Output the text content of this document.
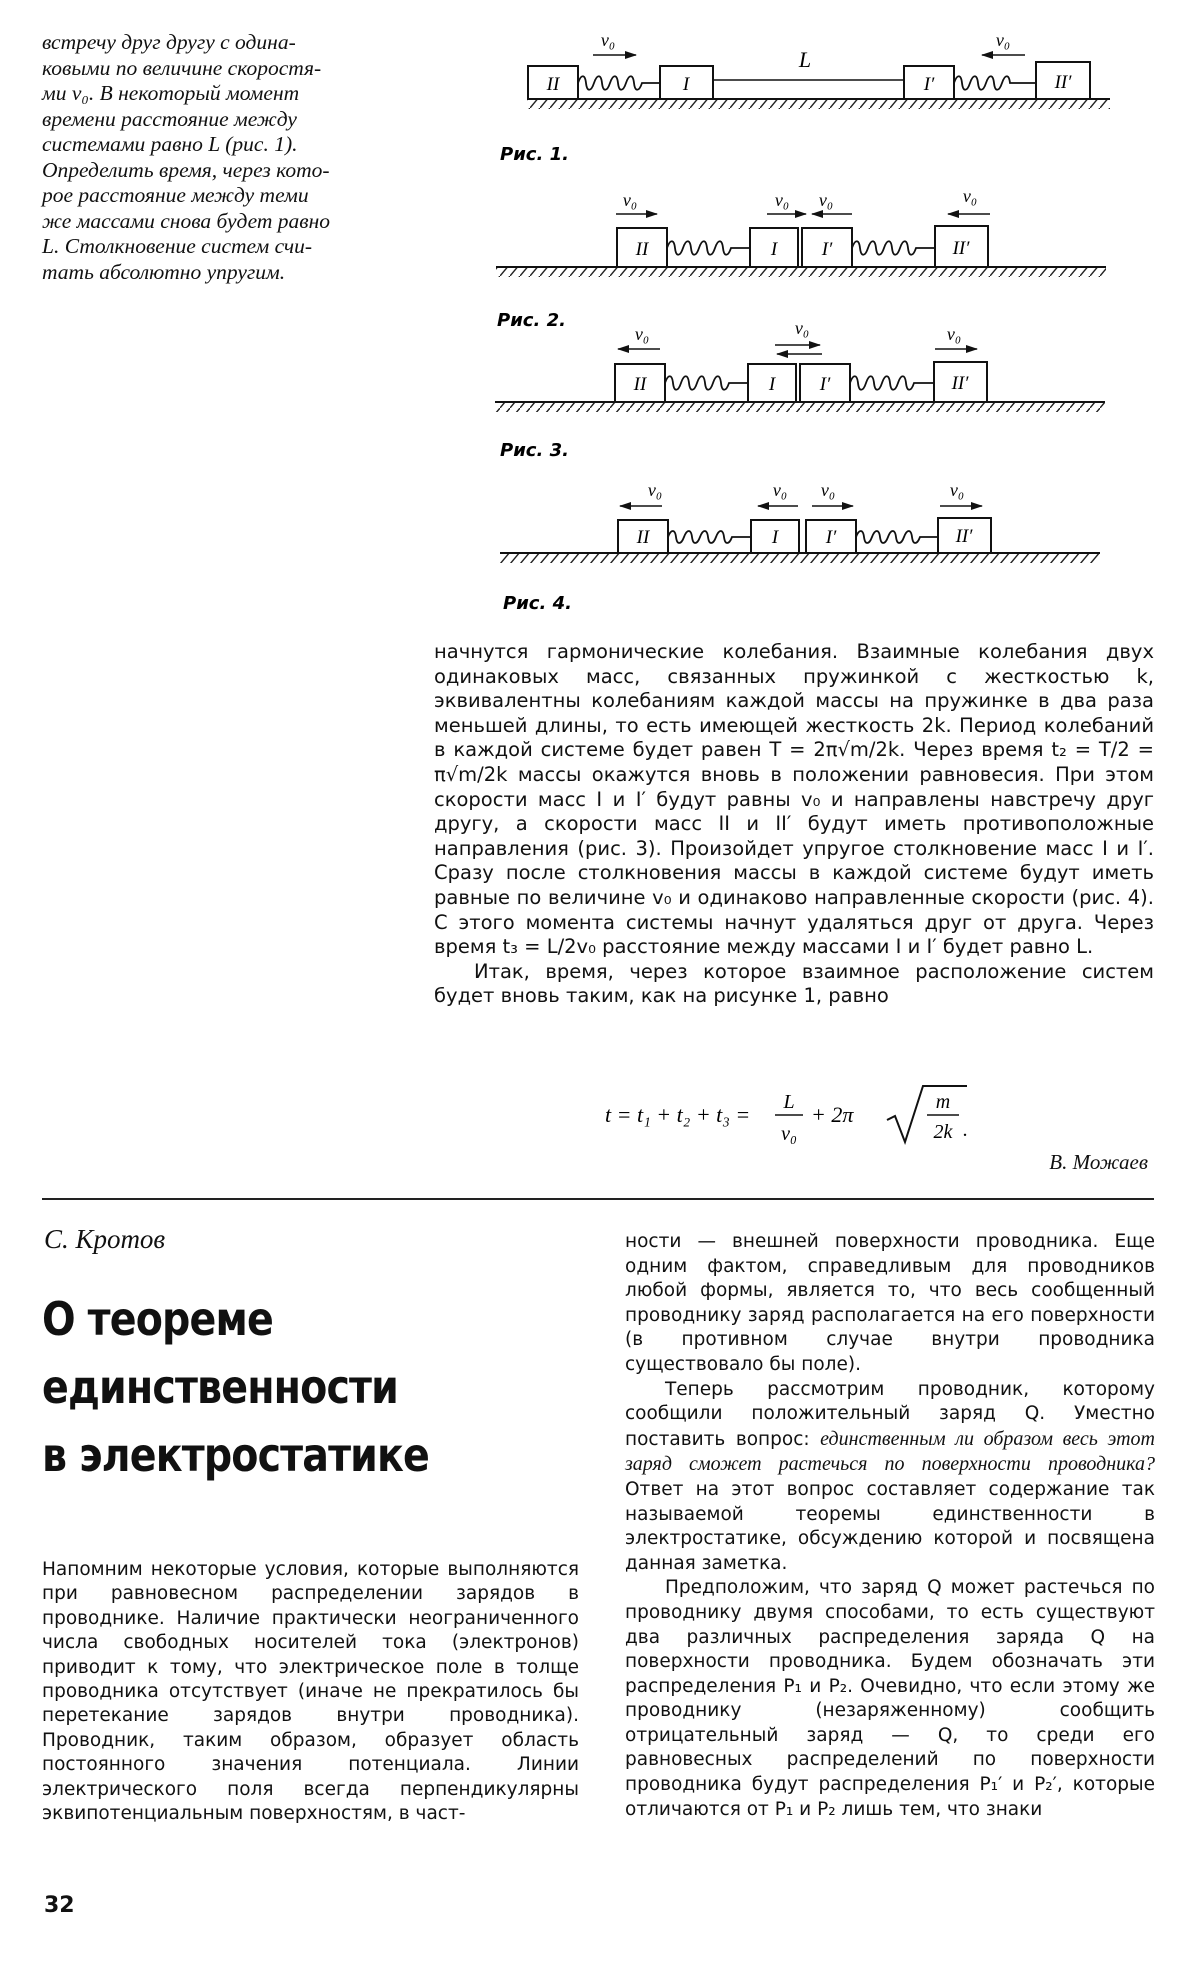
встречу друг другу с одина-
ковыми по величине скоростя-
ми v₀. В некоторый момент
времени расстояние между
системами равно L (рис. 1).
Определить время, через кото-
рое расстояние между теми
же массами снова будет равно
L. Столкновение систем счи-
тать абсолютно упругим.
II	I
L
I′	II′
v₀	v₀
Рис. 1.
II	I I′	II′
v₀	v₀ v₀	v₀
Рис. 2.
II	I I′	II′
v₀	v₀	v₀
Рис. 3.
II	I	I′	II′
v₀	v₀ v₀	v₀
Рис. 4.

начнутся гармонические колебания. Взаимные колебания двух одинаковых масс, связанных пружинкой с жесткостью k, эквивалентны колебаниям каждой массы на пружинке в два раза меньшей длины, то есть имеющей жесткость 2k. Период колебаний в каждой системе будет равен T = 2π√m/2k. Через время t₂ = T/2 = π√m/2k массы окажутся вновь в положении равновесия. При этом скорости масс I и I′ будут равны v₀ и направлены навстречу друг другу, а скорости масс II и II′ будут иметь противоположные направления (рис. 3). Произойдет упругое столкновение масс I и I′. Сразу после столкновения массы в каждой системе будут иметь равные по величине v₀ и одинаково направленные скорости (рис. 4). С этого момента системы начнут удаляться друг от друга. Через время t₃ = L/2v₀ расстояние между массами I и I′ будет равно L.

Итак, время, через которое взаимное расположение систем будет вновь таким, как на рисунке 1, равно

t = t₁ + t₂ + t₃ = L
v₀
+ 2π	m
2k .
В. Можаев
С. Кротов
О теореме
единственности
в электростатике

Напомним некоторые условия, которые выполняются при равновесном распределении зарядов в проводнике. Наличие практически неограниченного числа свободных носителей тока (электронов) приводит к тому, что электрическое поле в толще проводника отсутствует (иначе не прекратилось бы перетекание зарядов внутри проводника). Проводник, таким образом, образует область постоянного значения потенциала. Линии электрического поля всегда перпендикулярны эквипотенциальным поверхностям, в част-

ности — внешней поверхности проводника. Еще одним фактом, справедливым для проводников любой формы, является то, что весь сообщенный проводнику заряд располагается на его поверхности (в противном случае внутри проводника существовало бы поле).

Теперь рассмотрим проводник, которому сообщили положительный заряд Q. Уместно поставить вопрос: единственным ли образом весь этот заряд сможет растечься по поверхности проводника? Ответ на этот вопрос составляет содержание так называемой теоремы единственности в электростатике, обсуждению которой и посвящена данная заметка.

Предположим, что заряд Q может растечься по проводнику двумя способами, то есть существуют два различных распределения заряда Q на поверхности проводника. Будем обозначать эти распределения P₁ и P₂. Очевидно, что если этому же проводнику (незаряженному) сообщить отрицательный заряд — Q, то среди его равновесных распределений по поверхности проводника будут распределения P₁′ и P₂′, которые отличаются от P₁ и P₂ лишь тем, что знаки

32
